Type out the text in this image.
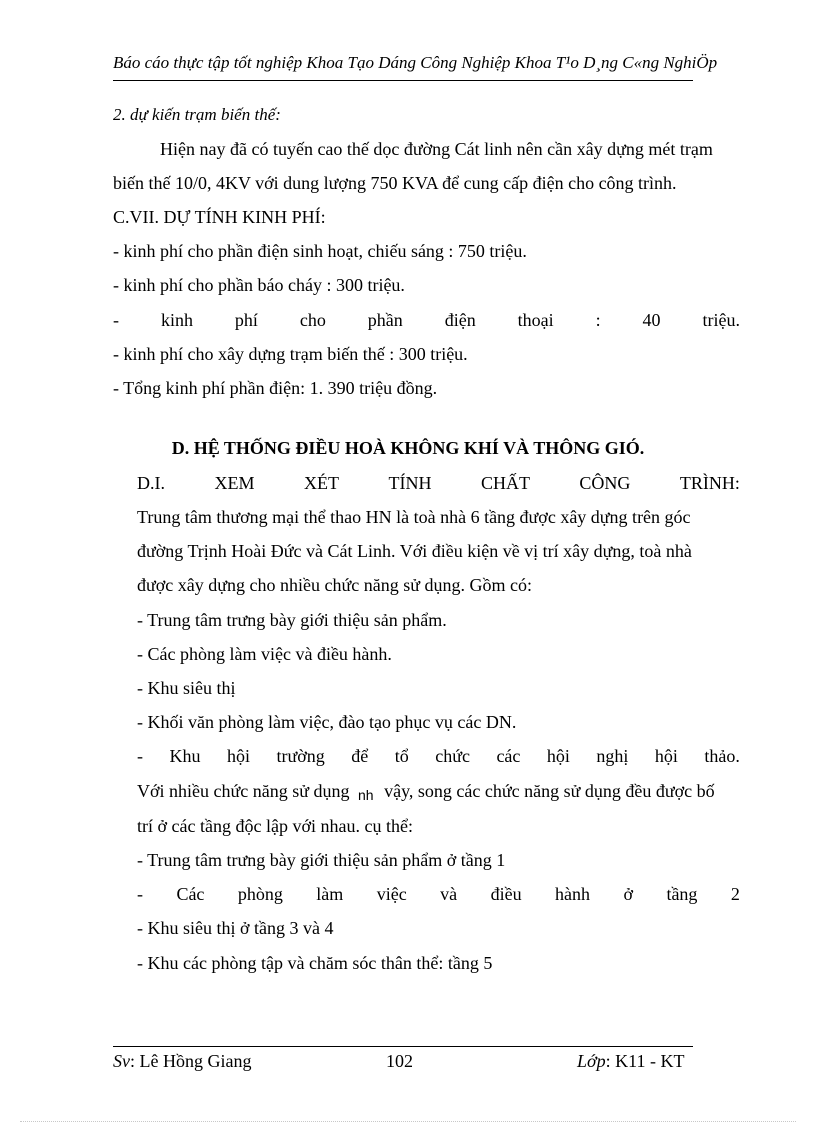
Báo cáo thực tập tốt nghiệp Khoa Tạo Dáng Công Nghiệp Khoa T¹o D¸ng C«ng NghiÖp
2. dự kiến trạm biến thế:
Hiện nay đã có tuyến cao thế dọc đường Cát linh nên cần xây dựng mét trạm
biến thế 10/0, 4KV với dung lượng 750 KVA để cung cấp điện cho công trình.
C.VII. DỰ TÍNH KINH PHÍ:
- kinh phí cho phần điện sinh hoạt, chiếu sáng : 750 triệu.
- kinh phí cho phần báo cháy : 300 triệu.
- kinh phí cho phần điện thoại : 40 triệu.
- kinh phí cho xây dựng trạm biến thế : 300 triệu.
- Tổng kinh phí phần điện: 1. 390 triệu đồng.
D. HỆ THỐNG ĐIỀU HOÀ KHÔNG KHÍ VÀ THÔNG GIÓ.
D.I.	XEM	XÉT	TÍNH	CHẤT	CÔNG	TRÌNH:
Trung tâm thương mại thể thao HN là toà nhà 6 tầng được xây dựng trên góc
đường Trịnh Hoài Đức và Cát Linh. Với điều kiện về vị trí xây dựng, toà nhà
được xây dựng cho nhiều chức năng sử dụng. Gồm có:
- Trung tâm trưng bày giới thiệu sản phẩm.
- Các phòng làm việc và điều hành.
- Khu siêu thị
- Khối văn phòng làm việc, đào tạo phục vụ các DN.
- Khu hội trường để tổ chức các hội nghị hội thảo.
Với nhiều chức năng sử dụng nh vậy, song các chức năng sử dụng đều được bố
trí ở các tầng độc lập với nhau. cụ thể:
- Trung tâm trưng bày giới thiệu sản phẩm ở tầng 1
- Các phòng làm việc và điều hành ở tầng 2
- Khu siêu thị ở tầng 3 và 4
- Khu các phòng tập và chăm sóc thân thể: tầng 5
Sv: Lê Hồng Giang	102	Lớp: K11 - KT
